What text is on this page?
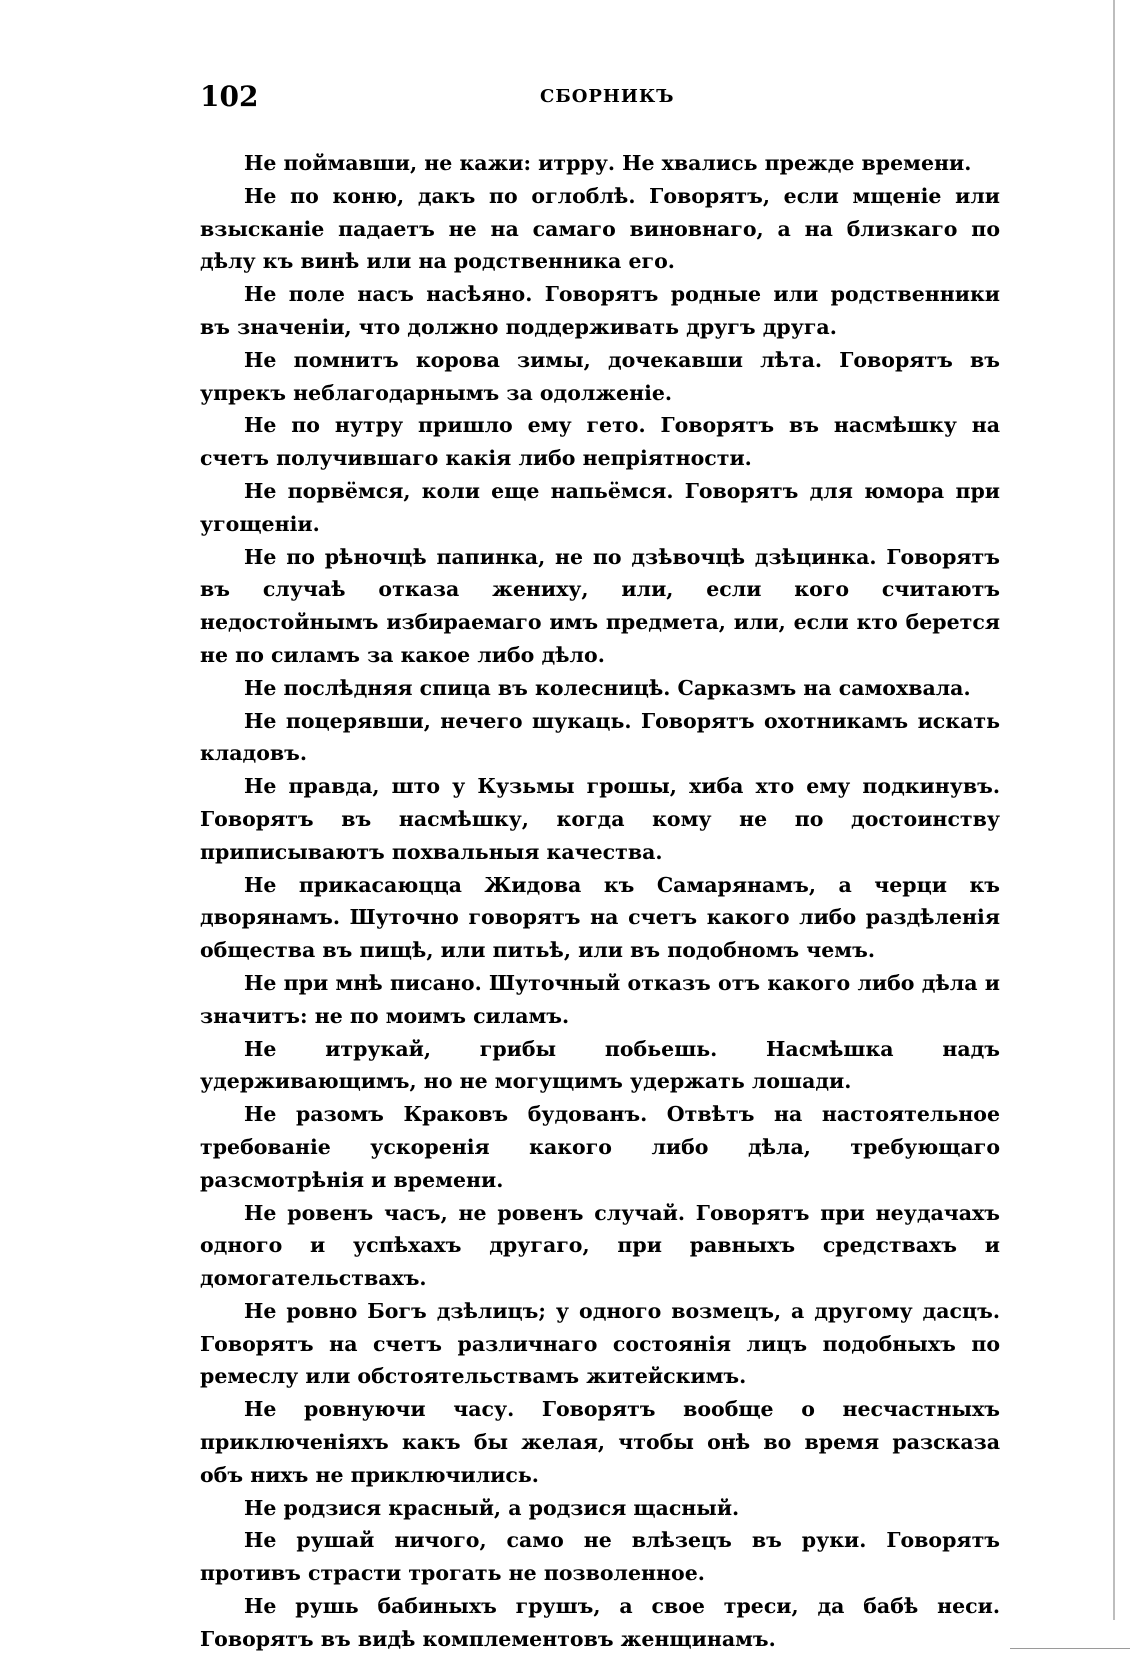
102	СБОРНИКЪ

Не поймавши, не кажи: итрру. Не хвались прежде времени.

Не по коню, дакъ по оглоблѣ. Говорятъ, если мщеніе или взысканіе падаетъ не на самаго виновнаго, а на близкаго по дѣлу къ винѣ или на родственника его.

Не поле насъ насѣяно. Говорятъ родные или родственники въ значеніи, что должно поддерживать другъ друга.

Не помнитъ корова зимы, дочекавши лѣта. Говорятъ въ упрекъ неблагодарнымъ за одолженіе.

Не по нутру пришло ему гето. Говорятъ въ насмѣшку на счетъ получившаго какія либо непріятности.

Не порвёмся, коли еще напьёмся. Говорятъ для юмора при угощеніи.

Не по рѣночцѣ папинка, не по дзѣвочцѣ дзѣцинка. Говорятъ въ случаѣ отказа жениху, или, если кого считаютъ недостойнымъ избираемаго имъ предмета, или, если кто берется не по силамъ за какое либо дѣло.

Не послѣдняя спица въ колесницѣ. Сарказмъ на самохвала.

Не поцерявши, нечего шукаць. Говорятъ охотникамъ искать кладовъ.

Не правда, што у Кузьмы грошы, хиба хто ему подкинувъ. Говорятъ въ насмѣшку, когда кому не по достоинству приписываютъ похвальныя качества.

Не прикасаюцца Жидова къ Самарянамъ, а черци къ дворянамъ. Шуточно говорятъ на счетъ какого либо раздѣленія общества въ пищѣ, или питьѣ, или въ подобномъ чемъ.

Не при мнѣ писано. Шуточный отказъ отъ какого либо дѣла и значитъ: не по моимъ силамъ.

Не итрукай, грибы побьешь. Насмѣшка надъ удерживающимъ, но не могущимъ удержать лошади.

Не разомъ Краковъ будованъ. Отвѣтъ на настоятельное требованіе ускоренія какого либо дѣла, требующаго разсмотрѣнія и времени.

Не ровенъ часъ, не ровенъ случай. Говорятъ при неудачахъ одного и успѣхахъ другаго, при равныхъ средствахъ и домогательствахъ.

Не ровно Богъ дзѣлицъ; у одного возмецъ, а другому дасцъ. Говорятъ на счетъ различнаго состоянія лицъ подобныхъ по ремеслу или обстоятельствамъ житейскимъ.

Не ровнуючи часу. Говорятъ вообще о несчастныхъ приключеніяхъ какъ бы желая, чтобы онѣ во время разсказа объ нихъ не приключились.

Не родзися красный, а родзися щасный.

Не рушай ничого, само не влѣзецъ въ руки. Говорятъ противъ страсти трогать не позволенное.

Не рушь бабиныхъ грушъ, а свое треси, да бабѣ неси. Говорятъ въ видѣ комплементовъ женщинамъ.
